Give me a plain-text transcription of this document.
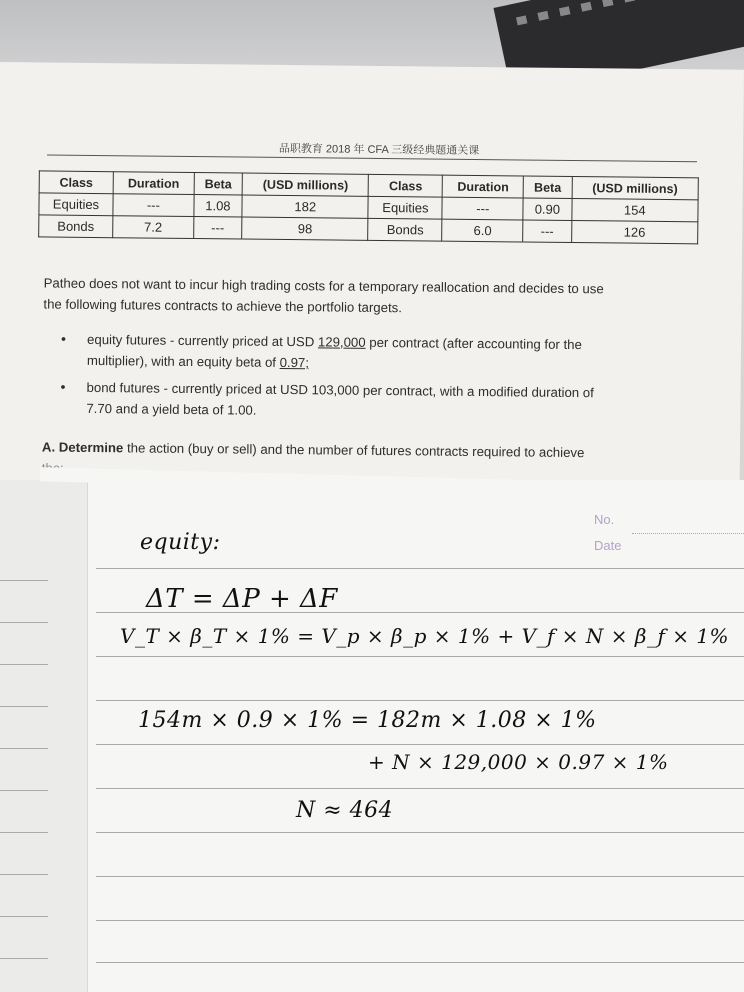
品职教育 2018 年 CFA 三级经典题通关课
Class	Duration	Beta	(USD millions)	Class	Duration	Beta	(USD millions)
Equities	---	1.08	182	Equities	---	0.90	154
Bonds	7.2	---	98	Bonds	6.0	---	126
Patheo does not want to incur high trading costs for a temporary reallocation and decides to use
the following futures contracts to achieve the portfolio targets.
•	equity futures - currently priced at USD 129,000 per contract (after accounting for the
multiplier), with an equity beta of 0.97;
•	bond futures - currently priced at USD 103,000 per contract, with a modified duration of
7.70 and a yield beta of 1.00.
A. Determine the action (buy or sell) and the number of futures contracts required to achieve
No.
Date
equity:
ΔT = ΔP + ΔF
V_T × β_T × 1% = V_p × β_p × 1% + V_f × N × β_f × 1%
154m × 0.9 × 1% = 182m × 1.08 × 1%
+ N × 129,000 × 0.97 × 1%
N ≈ 464
